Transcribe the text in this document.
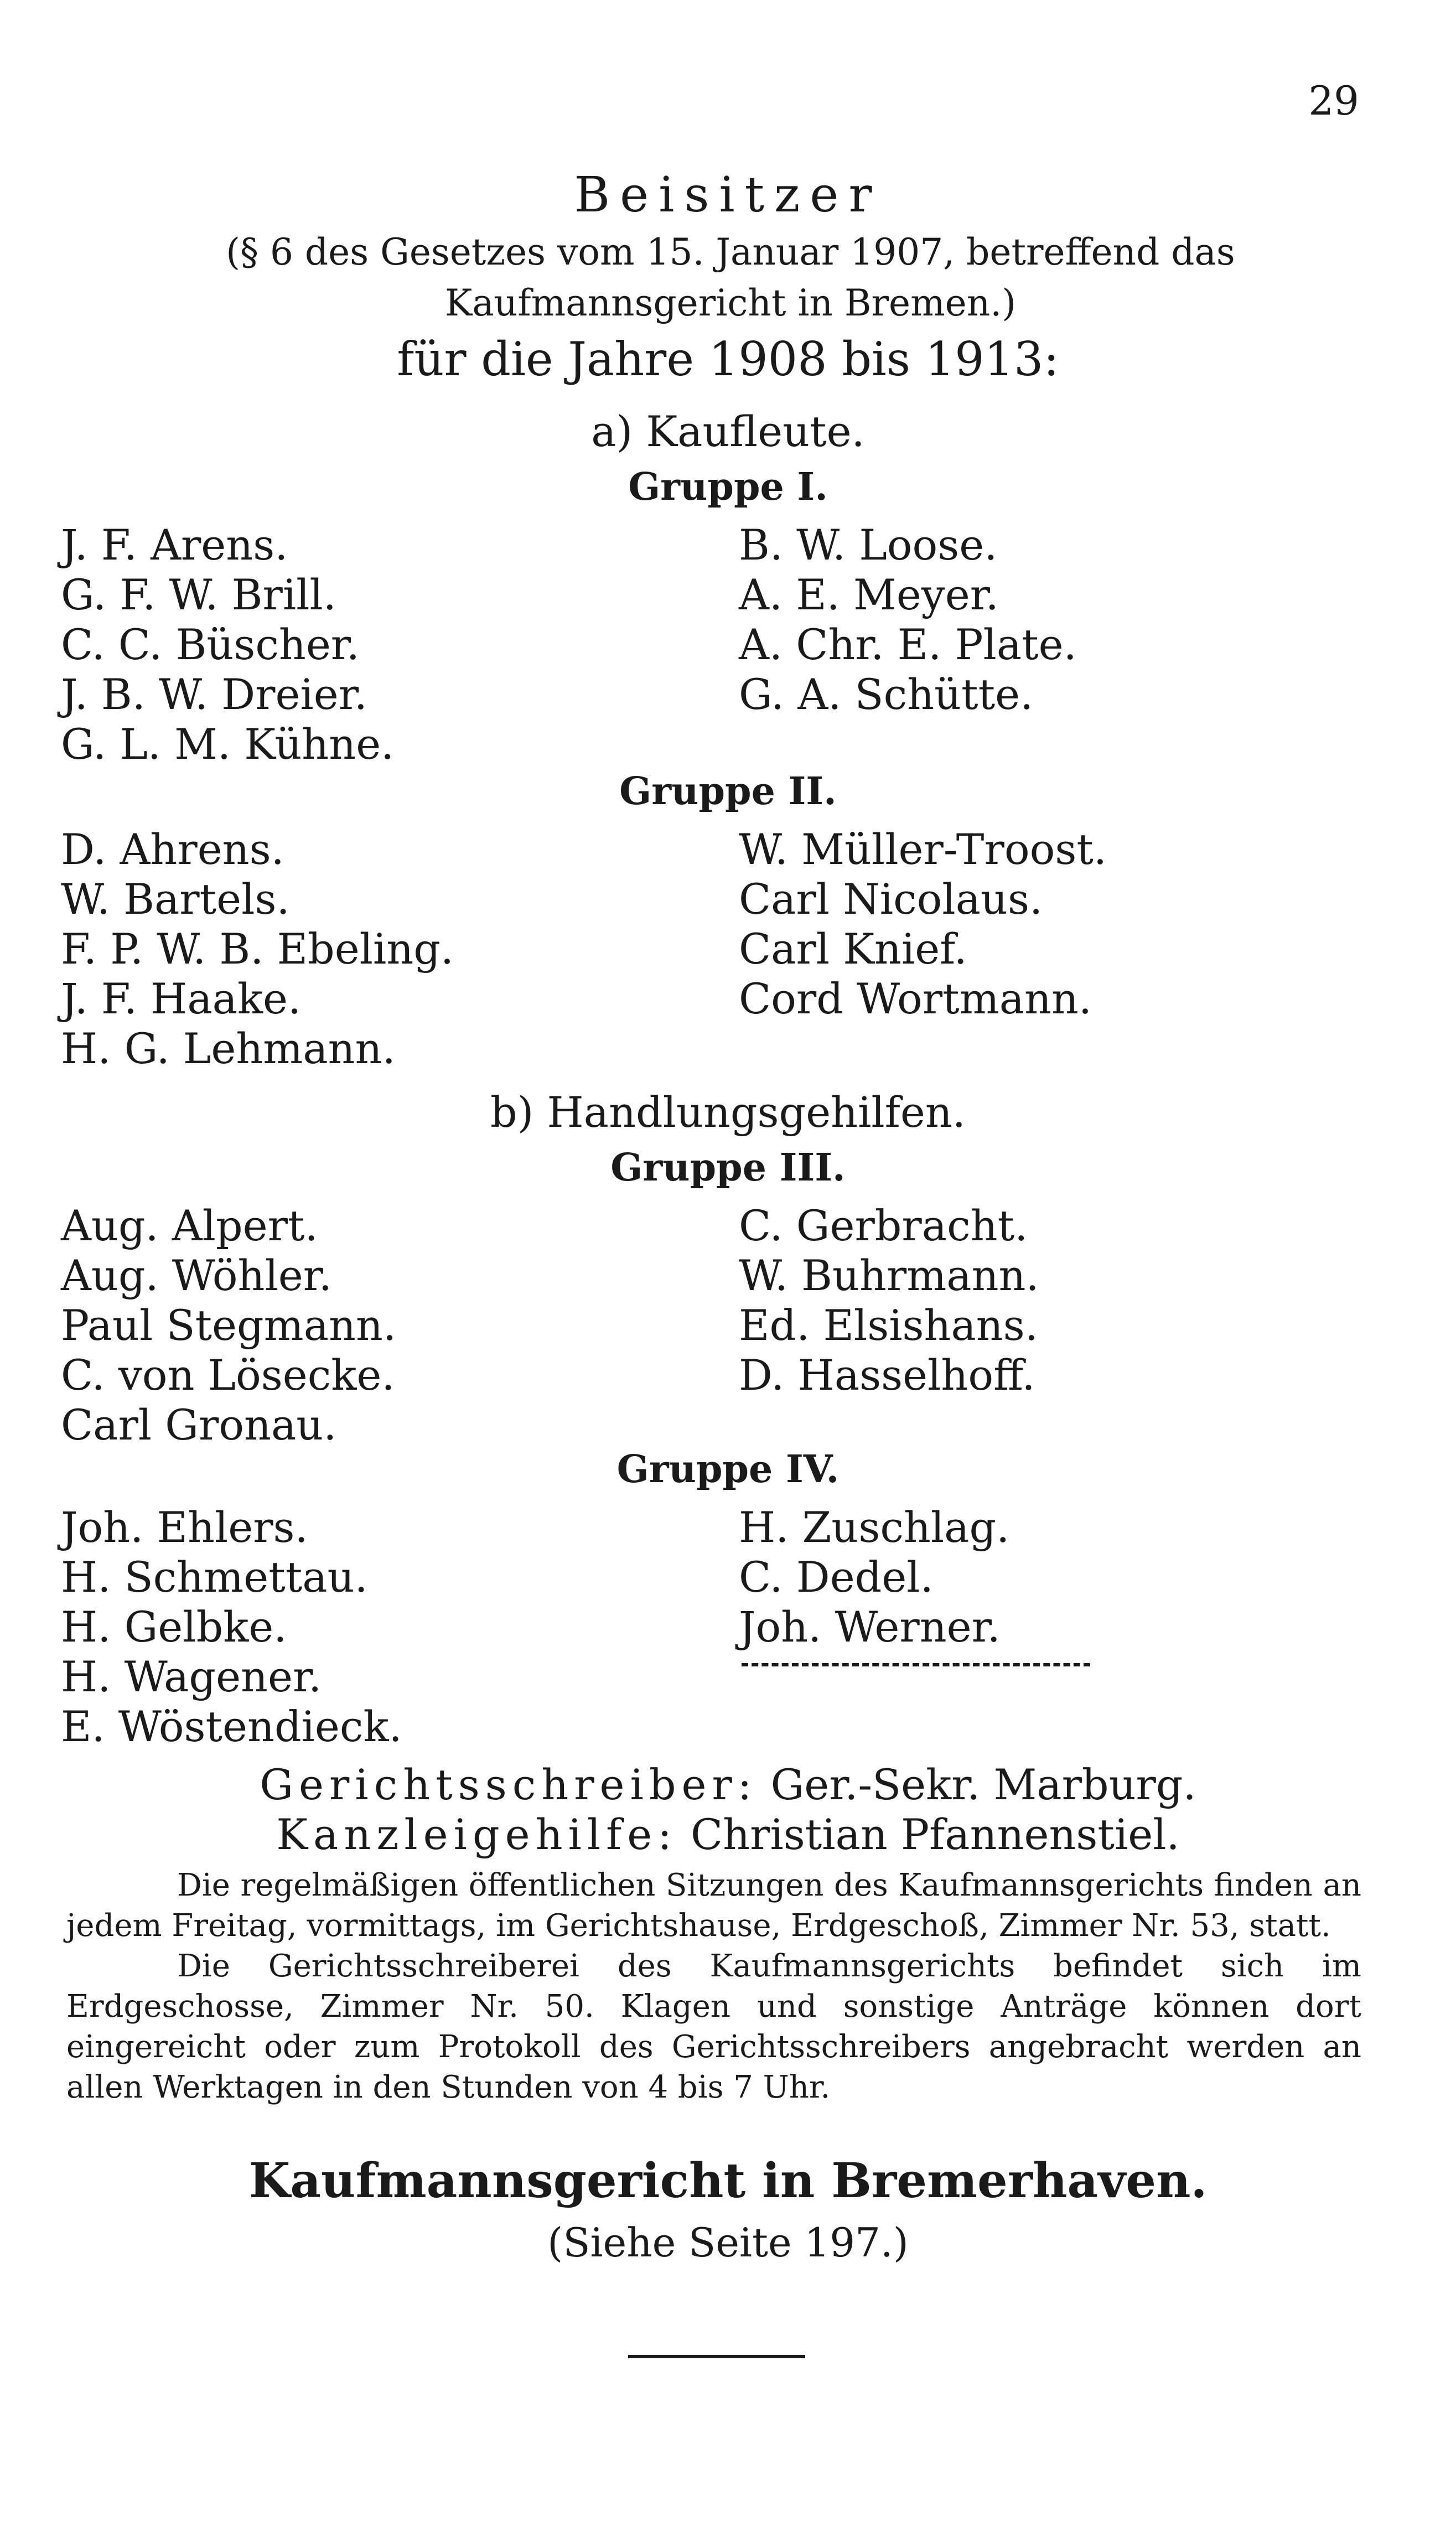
29
Beisitzer
(§ 6 des Gesetzes vom 15. Januar 1907, betreffend das Kaufmannsgericht in Bremen.)
für die Jahre 1908 bis 1913:
a) Kaufleute.
Gruppe I.
J. F. Arens.
G. F. W. Brill.
C. C. Büscher.
J. B. W. Dreier.
G. L. M. Kühne.
B. W. Loose.
A. E. Meyer.
A. Chr. E. Plate.
G. A. Schütte.
Gruppe II.
D. Ahrens.
W. Bartels.
F. P. W. B. Ebeling.
J. F. Haake.
H. G. Lehmann.
W. Müller-Troost.
Carl Nicolaus.
Carl Knief.
Cord Wortmann.
b) Handlungsgehilfen.
Gruppe III.
Aug. Alpert.
Aug. Wöhler.
Paul Stegmann.
C. von Lösecke.
Carl Gronau.
C. Gerbracht.
W. Buhrmann.
Ed. Elsishans.
D. Hasselhoff.
Gruppe IV.
Joh. Ehlers.
H. Schmettau.
H. Gelbke.
H. Wagener.
E. Wöstendieck.
H. Zuschlag.
C. Dedel.
Joh. Werner.
Gerichtsschreiber: Ger.-Sekr. Marburg.
Kanzleigehilfe: Christian Pfannenstiel.

Die regelmäßigen öffentlichen Sitzungen des Kaufmannsgerichts finden an jedem Freitag, vormittags, im Gerichtshause, Erdgeschoß, Zimmer Nr. 53, statt.

Die Gerichtsschreiberei des Kaufmannsgerichts befindet sich im Erdgeschosse, Zimmer Nr. 50. Klagen und sonstige Anträge können dort eingereicht oder zum Protokoll des Gerichtsschreibers angebracht werden an allen Werktagen in den Stunden von 4 bis 7 Uhr.

Kaufmannsgericht in Bremerhaven.
(Siehe Seite 197.)
